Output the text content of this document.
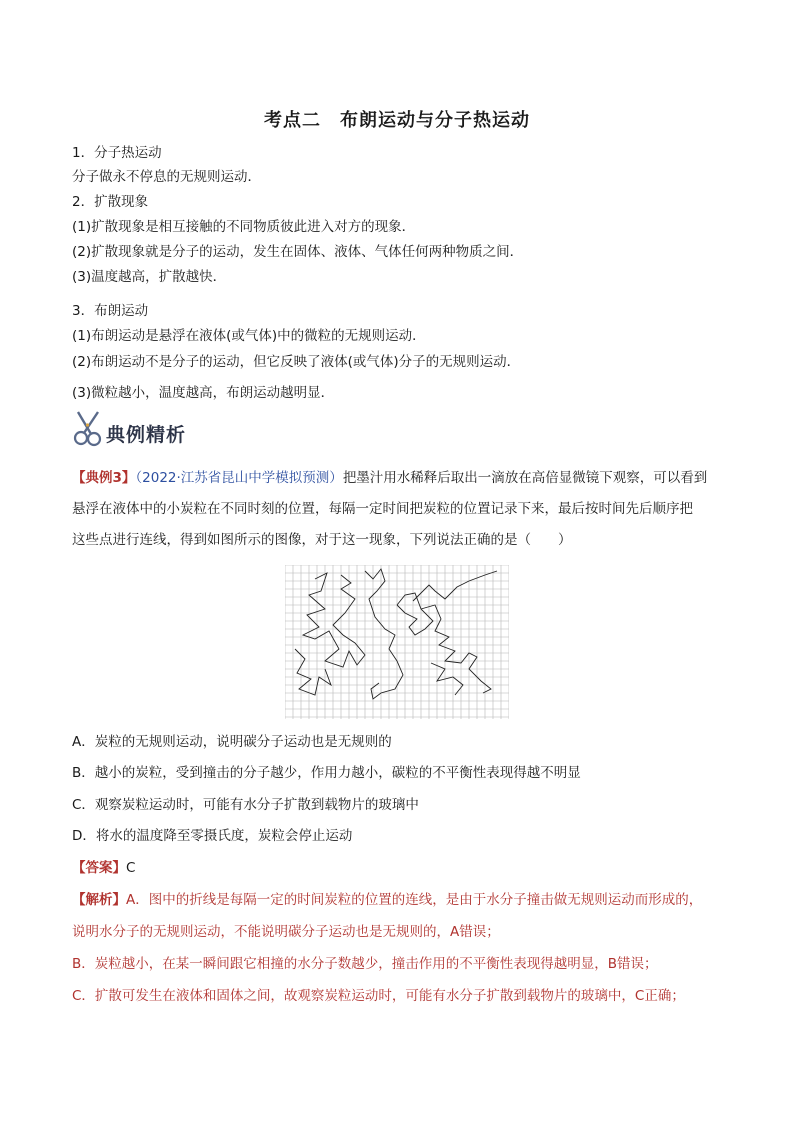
考点二　布朗运动与分子热运动
1．分子热运动
分子做永不停息的无规则运动．
2．扩散现象
(1)扩散现象是相互接触的不同物质彼此进入对方的现象．
(2)扩散现象就是分子的运动，发生在固体、液体、气体任何两种物质之间．
(3)温度越高，扩散越快．
3．布朗运动
(1)布朗运动是悬浮在液体(或气体)中的微粒的无规则运动．
(2)布朗运动不是分子的运动，但它反映了液体(或气体)分子的无规则运动．
(3)微粒越小，温度越高，布朗运动越明显．
典例精析
【典例3】（2022·江苏省昆山中学模拟预测）把墨汁用水稀释后取出一滴放在高倍显微镜下观察，可以看到
悬浮在液体中的小炭粒在不同时刻的位置，每隔一定时间把炭粒的位置记录下来，最后按时间先后顺序把
这些点进行连线，得到如图所示的图像，对于这一现象，下列说法正确的是（　　）
A．炭粒的无规则运动，说明碳分子运动也是无规则的
B．越小的炭粒，受到撞击的分子越少，作用力越小，碳粒的不平衡性表现得越不明显
C．观察炭粒运动时，可能有水分子扩散到载物片的玻璃中
D．将水的温度降至零摄氏度，炭粒会停止运动
【答案】C
【解析】A．图中的折线是每隔一定的时间炭粒的位置的连线，是由于水分子撞击做无规则运动而形成的，
说明水分子的无规则运动，不能说明碳分子运动也是无规则的，A错误；
B．炭粒越小，在某一瞬间跟它相撞的水分子数越少，撞击作用的不平衡性表现得越明显，B错误；
C．扩散可发生在液体和固体之间，故观察炭粒运动时，可能有水分子扩散到载物片的玻璃中，C正确；
